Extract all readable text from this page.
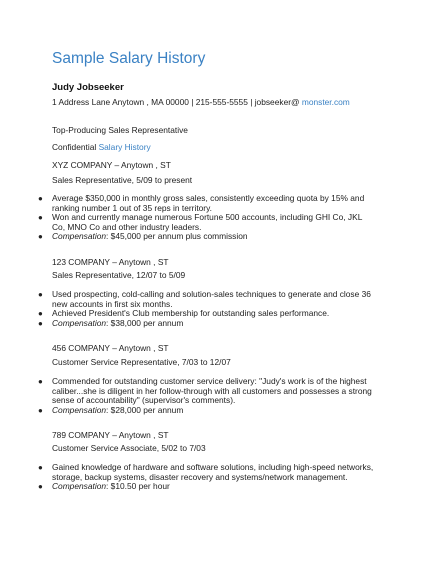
Sample Salary History
Judy Jobseeker
1 Address Lane Anytown , MA 00000 | 215-555-5555 | jobseeker@ monster.com
Top-Producing Sales Representative
Confidential Salary History
XYZ COMPANY – Anytown , ST
Sales Representative, 5/09 to present
● Average $350,000 in monthly gross sales, consistently exceeding quota by 15% and ranking number 1 out of 35 reps in territory.
● Won and currently manage numerous Fortune 500 accounts, including GHI Co, JKL Co, MNO Co and other industry leaders.
● Compensation: $45,000 per annum plus commission
123 COMPANY – Anytown , ST
Sales Representative, 12/07 to 5/09
● Used prospecting, cold-calling and solution-sales techniques to generate and close 36 new accounts in first six months.
● Achieved President's Club membership for outstanding sales performance.
● Compensation: $38,000 per annum
456 COMPANY – Anytown , ST
Customer Service Representative, 7/03 to 12/07
● Commended for outstanding customer service delivery: "Judy's work is of the highest caliber...she is diligent in her follow-through with all customers and possesses a strong sense of accountability" (supervisor's comments).
● Compensation: $28,000 per annum
789 COMPANY – Anytown , ST
Customer Service Associate, 5/02 to 7/03
● Gained knowledge of hardware and software solutions, including high-speed networks, storage, backup systems, disaster recovery and systems/network management.
● Compensation: $10.50 per hour
